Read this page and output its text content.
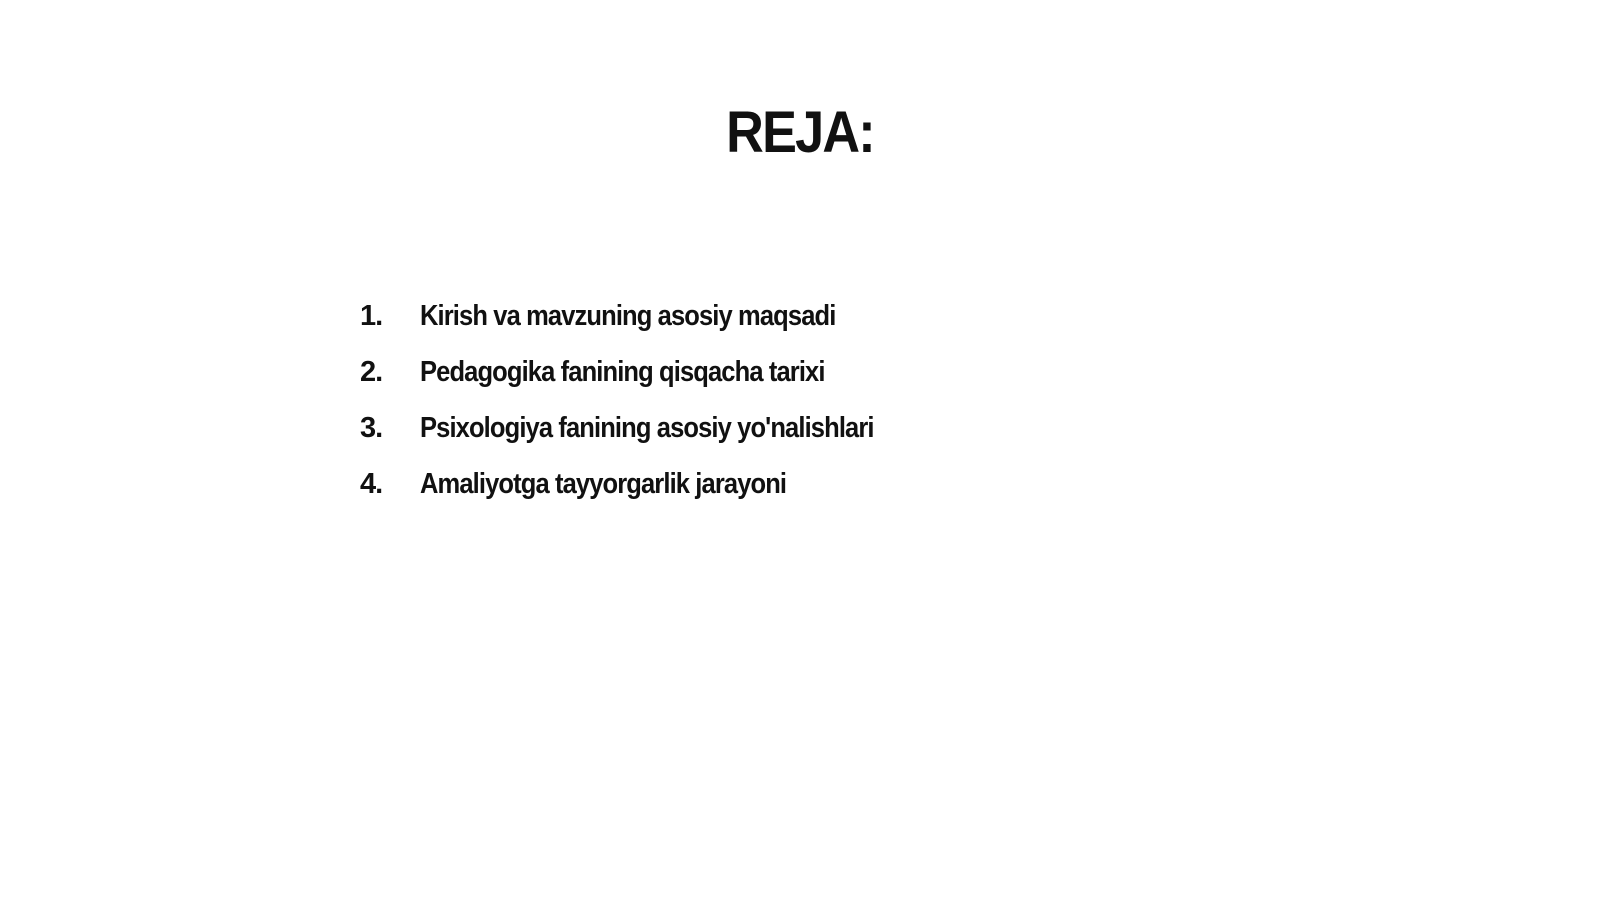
REJA:
1.	Kirish va mavzuning asosiy maqsadi
2.	Pedagogika fanining qisqacha tarixi
3.	Psixologiya fanining asosiy yo'nalishlari
4.	Amaliyotga tayyorgarlik jarayoni
